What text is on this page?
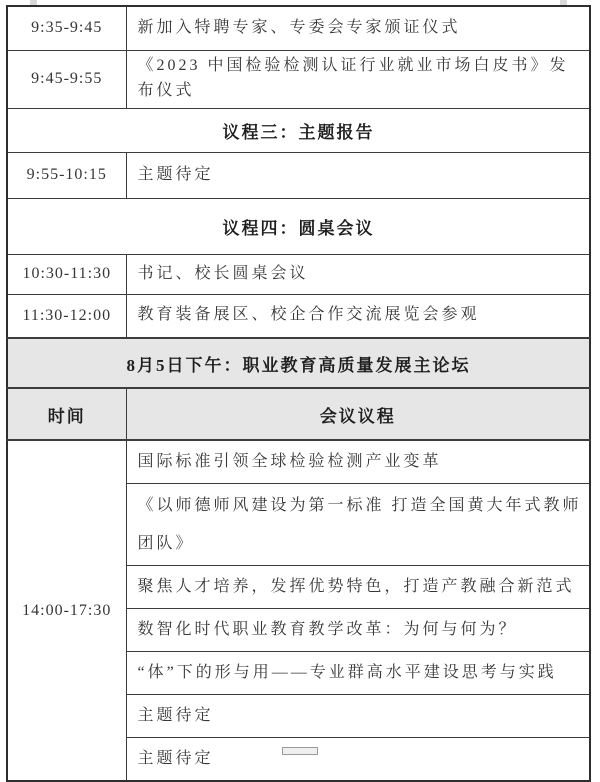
9:35-9:45	新加入特聘专家、专委会专家颁证仪式
9:45-9:55	《2023 中国检验检测认证行业就业市场白皮书》发布仪式
议程三：主题报告	
9:55-10:15	主题待定
议程四：圆桌会议	
10:30-11:30	书记、校长圆桌会议
11:30-12:00	教育装备展区、校企合作交流展览会参观
8月5日下午：职业教育高质量发展主论坛	
时间	会议议程
14:00-17:30	国际标准引领全球检验检测产业变革
	《以师德师风建设为第一标准 打造全国黄大年式教师团队》
	聚焦人才培养，发挥优势特色，打造产教融合新范式
	数智化时代职业教育教学改革：为何与何为？
	“体”下的形与用——专业群高水平建设思考与实践
	主题待定
	主题待定
